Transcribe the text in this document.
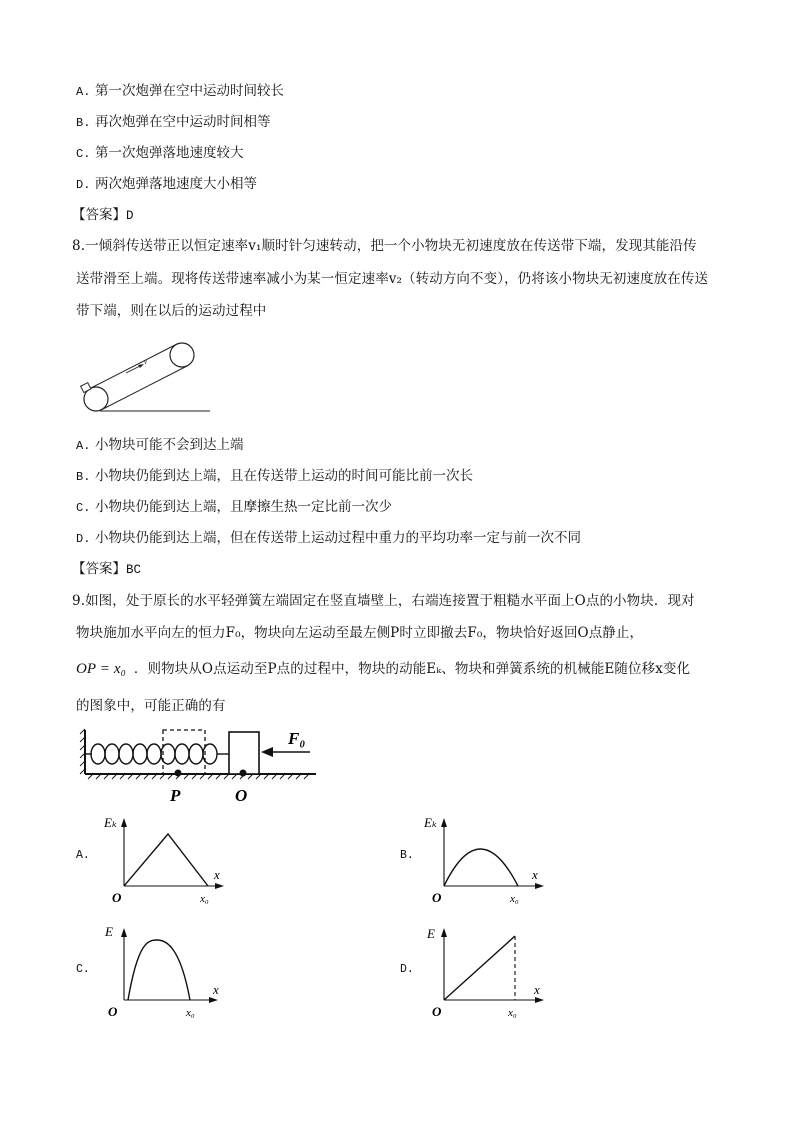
A. 第一次炮弹在空中运动时间较长
B. 再次炮弹在空中运动时间相等
C. 第一次炮弹落地速度较大
D. 两次炮弹落地速度大小相等
【答案】D
8.一倾斜传送带正以恒定速率v₁顺时针匀速转动，把一个小物块无初速度放在传送带下端，发现其能沿传
送带滑至上端。现将传送带速率减小为某一恒定速率v₂（转动方向不变），仍将该小物块无初速度放在传送
带下端，则在以后的运动过程中
v
A. 小物块可能不会到达上端
B. 小物块仍能到达上端，且在传送带上运动的时间可能比前一次长
C. 小物块仍能到达上端，且摩擦生热一定比前一次少
D. 小物块仍能到达上端，但在传送带上运动过程中重力的平均功率一定与前一次不同
【答案】BC
9.如图，处于原长的水平轻弹簧左端固定在竖直墙壁上，右端连接置于粗糙水平面上O点的小物块．现对
物块施加水平向左的恒力F₀，物块向左运动至最左侧P时立即撤去F₀，物块恰好返回O点静止，
OP = x₀ ．则物块从O点运动至P点的过程中，物块的动能Eₖ、物块和弹簧系统的机械能E随位移x变化
的图象中，可能正确的有
F₀
P	O
A.
Eₖ
x
O	x₀
B.
Eₖ
x
O	x₀
C.
E
x
O	x₀
D.
E
x
O	x₀
